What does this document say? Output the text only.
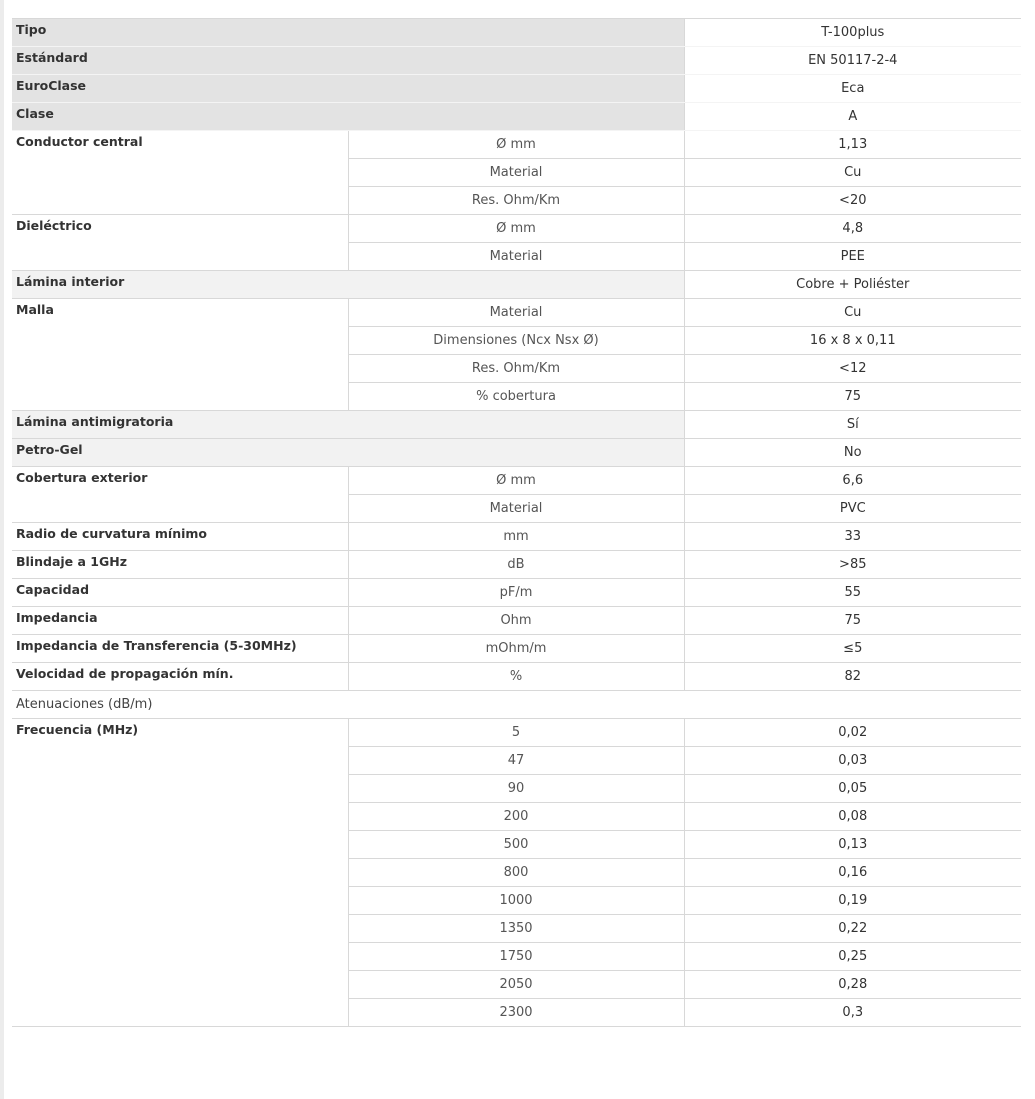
Tipo		T-100plus
Estándard		EN 50117-2-4
EuroClase		Eca
Clase		A
Conductor central	Ø mm	1,13
	Material	Cu
	Res. Ohm/Km	<20
Dieléctrico	Ø mm	4,8
	Material	PEE
Lámina interior		Cobre + Poliéster
Malla	Material	Cu
	Dimensiones (Ncx Nsx Ø)	16 x 8 x 0,11
	Res. Ohm/Km	<12
	% cobertura	75
Lámina antimigratoria		Sí
Petro-Gel		No
Cobertura exterior	Ø mm	6,6
	Material	PVC
Radio de curvatura mínimo	mm	33
Blindaje a 1GHz	dB	>85
Capacidad	pF/m	55
Impedancia	Ohm	75
Impedancia de Transferencia (5-30MHz)	mOhm/m	≤5
Velocidad de propagación mín.	%	82
Atenuaciones (dB/m)		
Frecuencia (MHz)	5	0,02
	47	0,03
	90	0,05
	200	0,08
	500	0,13
	800	0,16
	1000	0,19
	1350	0,22
	1750	0,25
	2050	0,28
	2300	0,3
